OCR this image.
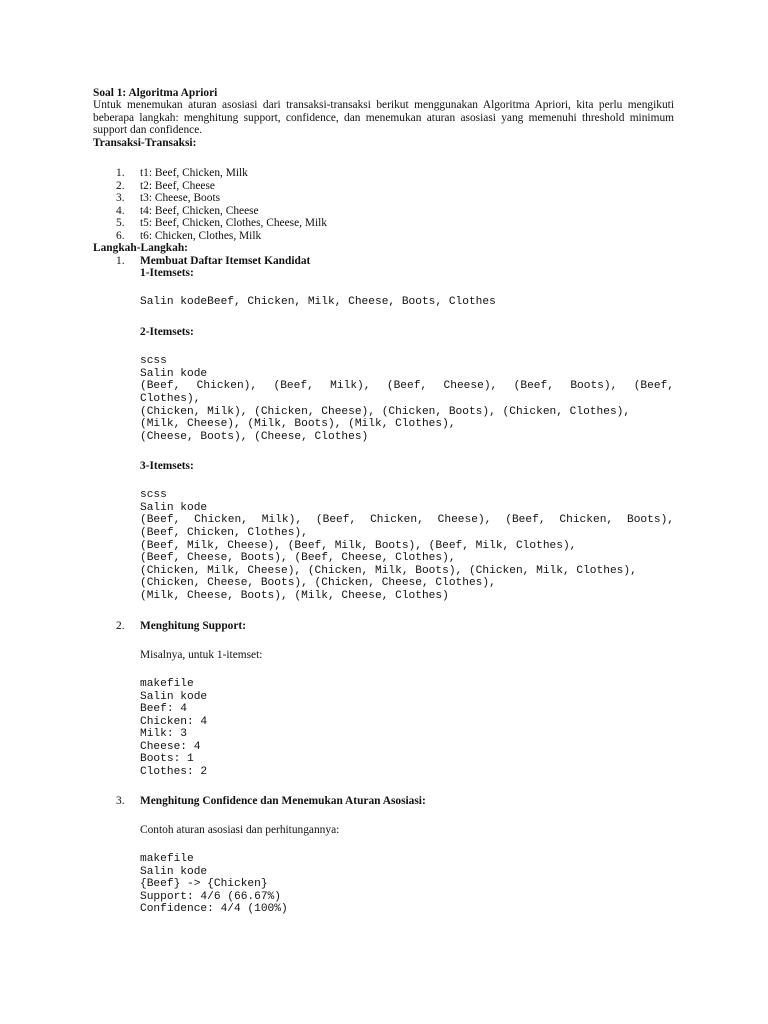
Soal 1: Algoritma Apriori
Untuk menemukan aturan asosiasi dari transaksi-transaksi berikut menggunakan Algoritma Apriori, kita perlu mengikuti beberapa langkah: menghitung support, confidence, dan menemukan aturan asosiasi yang memenuhi threshold minimum support dan confidence.
Transaksi-Transaksi:
1. t1: Beef, Chicken, Milk
2. t2: Beef, Cheese
3. t3: Cheese, Boots
4. t4: Beef, Chicken, Cheese
5. t5: Beef, Chicken, Clothes, Cheese, Milk
6. t6: Chicken, Clothes, Milk
Langkah-Langkah:
1. Membuat Daftar Itemset Kandidat
1-Itemsets:
Salin kodeBeef, Chicken, Milk, Cheese, Boots, Clothes
2-Itemsets:
scss
Salin kode
(Beef, Chicken), (Beef, Milk), (Beef, Cheese), (Beef, Boots), (Beef,
Clothes),
(Chicken, Milk), (Chicken, Cheese), (Chicken, Boots), (Chicken, Clothes),
(Milk, Cheese), (Milk, Boots), (Milk, Clothes),
(Cheese, Boots), (Cheese, Clothes)
3-Itemsets:
scss
Salin kode
(Beef, Chicken, Milk), (Beef, Chicken, Cheese), (Beef, Chicken, Boots),
(Beef, Chicken, Clothes),
(Beef, Milk, Cheese), (Beef, Milk, Boots), (Beef, Milk, Clothes),
(Beef, Cheese, Boots), (Beef, Cheese, Clothes),
(Chicken, Milk, Cheese), (Chicken, Milk, Boots), (Chicken, Milk, Clothes),
(Chicken, Cheese, Boots), (Chicken, Cheese, Clothes),
(Milk, Cheese, Boots), (Milk, Cheese, Clothes)
2. Menghitung Support:
Misalnya, untuk 1-itemset:
makefile
Salin kode
Beef: 4
Chicken: 4
Milk: 3
Cheese: 4
Boots: 1
Clothes: 2
3. Menghitung Confidence dan Menemukan Aturan Asosiasi:
Contoh aturan asosiasi dan perhitungannya:
makefile
Salin kode
{Beef} -> {Chicken}
Support: 4/6 (66.67%)
Confidence: 4/4 (100%)
